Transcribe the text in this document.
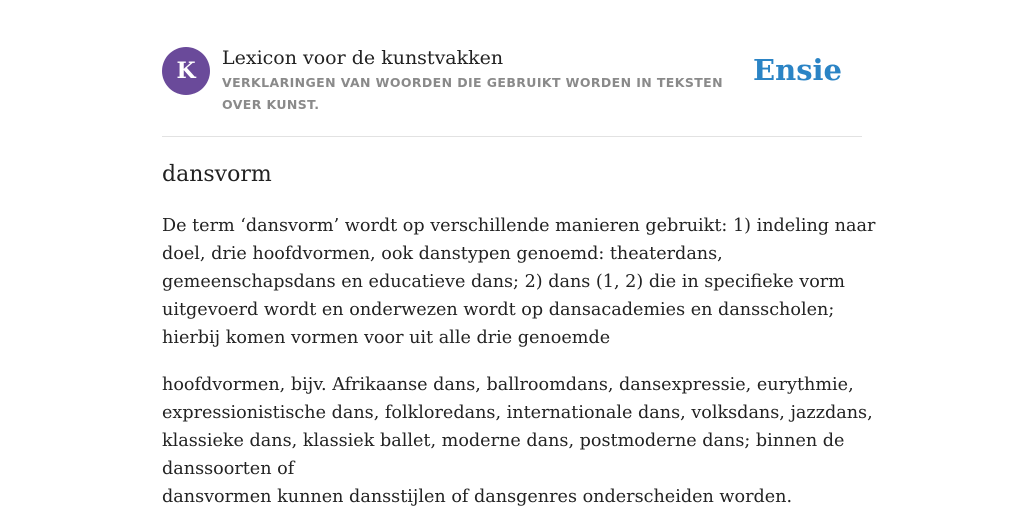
K	Lexicon voor de kunstvakken
VERKLARINGEN VAN WOORDEN DIE GEBRUIKT WORDEN IN TEKSTEN OVER KUNST.
Ensie
dansvorm
De term ‘dansvorm’ wordt op verschillende manieren gebruikt: 1) indeling naar
doel, drie hoofdvormen, ook danstypen genoemd: theaterdans,
gemeenschapsdans en educatieve dans; 2) dans (1, 2) die in specifieke vorm
uitgevoerd wordt en onderwezen wordt op dansacademies en dansscholen;
hierbij komen vormen voor uit alle drie genoemde
hoofdvormen, bijv. Afrikaanse dans, ballroomdans, dansexpressie, eurythmie,
expressionistische dans, folkloredans, internationale dans, volksdans, jazzdans,
klassieke dans, klassiek ballet, moderne dans, postmoderne dans; binnen de
danssoorten of
dansvormen kunnen dansstijlen of dansgenres onderscheiden worden.
